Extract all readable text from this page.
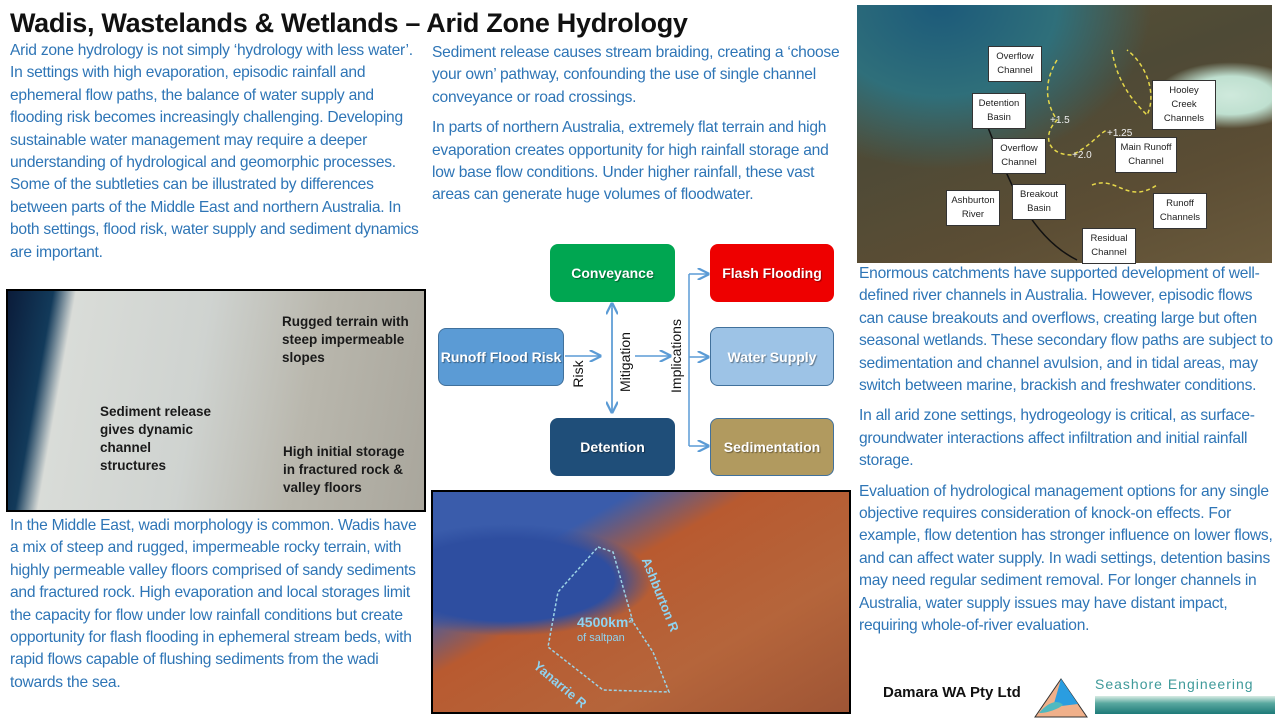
Wadis, Wastelands & Wetlands – Arid Zone Hydrology
Arid zone hydrology is not simply ‘hydrology with less water’. In settings with high evaporation, episodic rainfall and ephemeral flow paths, the balance of water supply and flooding risk becomes increasingly challenging. Developing sustainable water management may require a deeper understanding of hydrological and geomorphic processes. Some of the subtleties can be illustrated by differences between parts of the Middle East and northern Australia. In both settings, flood risk, water supply and sediment dynamics are important.
Rugged terrain with steep impermeable slopes
Sediment release gives dynamic channel structures
High initial storage in fractured rock & valley floors
In the Middle East, wadi morphology is common. Wadis have a mix of steep and rugged, impermeable rocky terrain, with highly permeable valley floors comprised of sandy sediments and fractured rock. High evaporation and local storages limit the capacity for flow under low rainfall conditions but create opportunity for flash flooding in ephemeral stream beds, with rapid flows capable of flushing sediments from the wadi towards the sea.

Sediment release causes stream braiding, creating a ‘choose your own’ pathway, confounding the use of single channel conveyance or road crossings.

In parts of northern Australia, extremely flat terrain and high evaporation creates opportunity for high rainfall storage and low base flow conditions. Under higher rainfall, these vast areas can generate huge volumes of floodwater.

Conveyance	Flash Flooding
Runoff Flood Risk	Water Supply
Detention	Sedimentation
Risk Mitigation	Implications
Ashburton R
Yanarrie R
4500km²
of saltpan
Overflow Channel
Detention Basin
Hooley Creek Channels
Overflow Channel
Main Runoff Channel
Ashburton River
Breakout Basin	Runoff Channels
Residual Channel
+1.5
+1.25
+2.0

Enormous catchments have supported development of well-defined river channels in Australia. However, episodic flows can cause breakouts and overflows, creating large but often seasonal wetlands. These secondary flow paths are subject to sedimentation and channel avulsion, and in tidal areas, may switch between marine, brackish and freshwater conditions.

In all arid zone settings, hydrogeology is critical, as surface-groundwater interactions affect infiltration and initial rainfall storage.

Evaluation of hydrological management options for any single objective requires consideration of knock-on effects. For example, flow detention has stronger influence on lower flows, and can affect water supply. In wadi settings, detention basins may need regular sediment removal. For longer channels in Australia, water supply issues may have distant impact, requiring whole-of-river evaluation.

Damara WA Pty Ltd	Seashore Engineering
